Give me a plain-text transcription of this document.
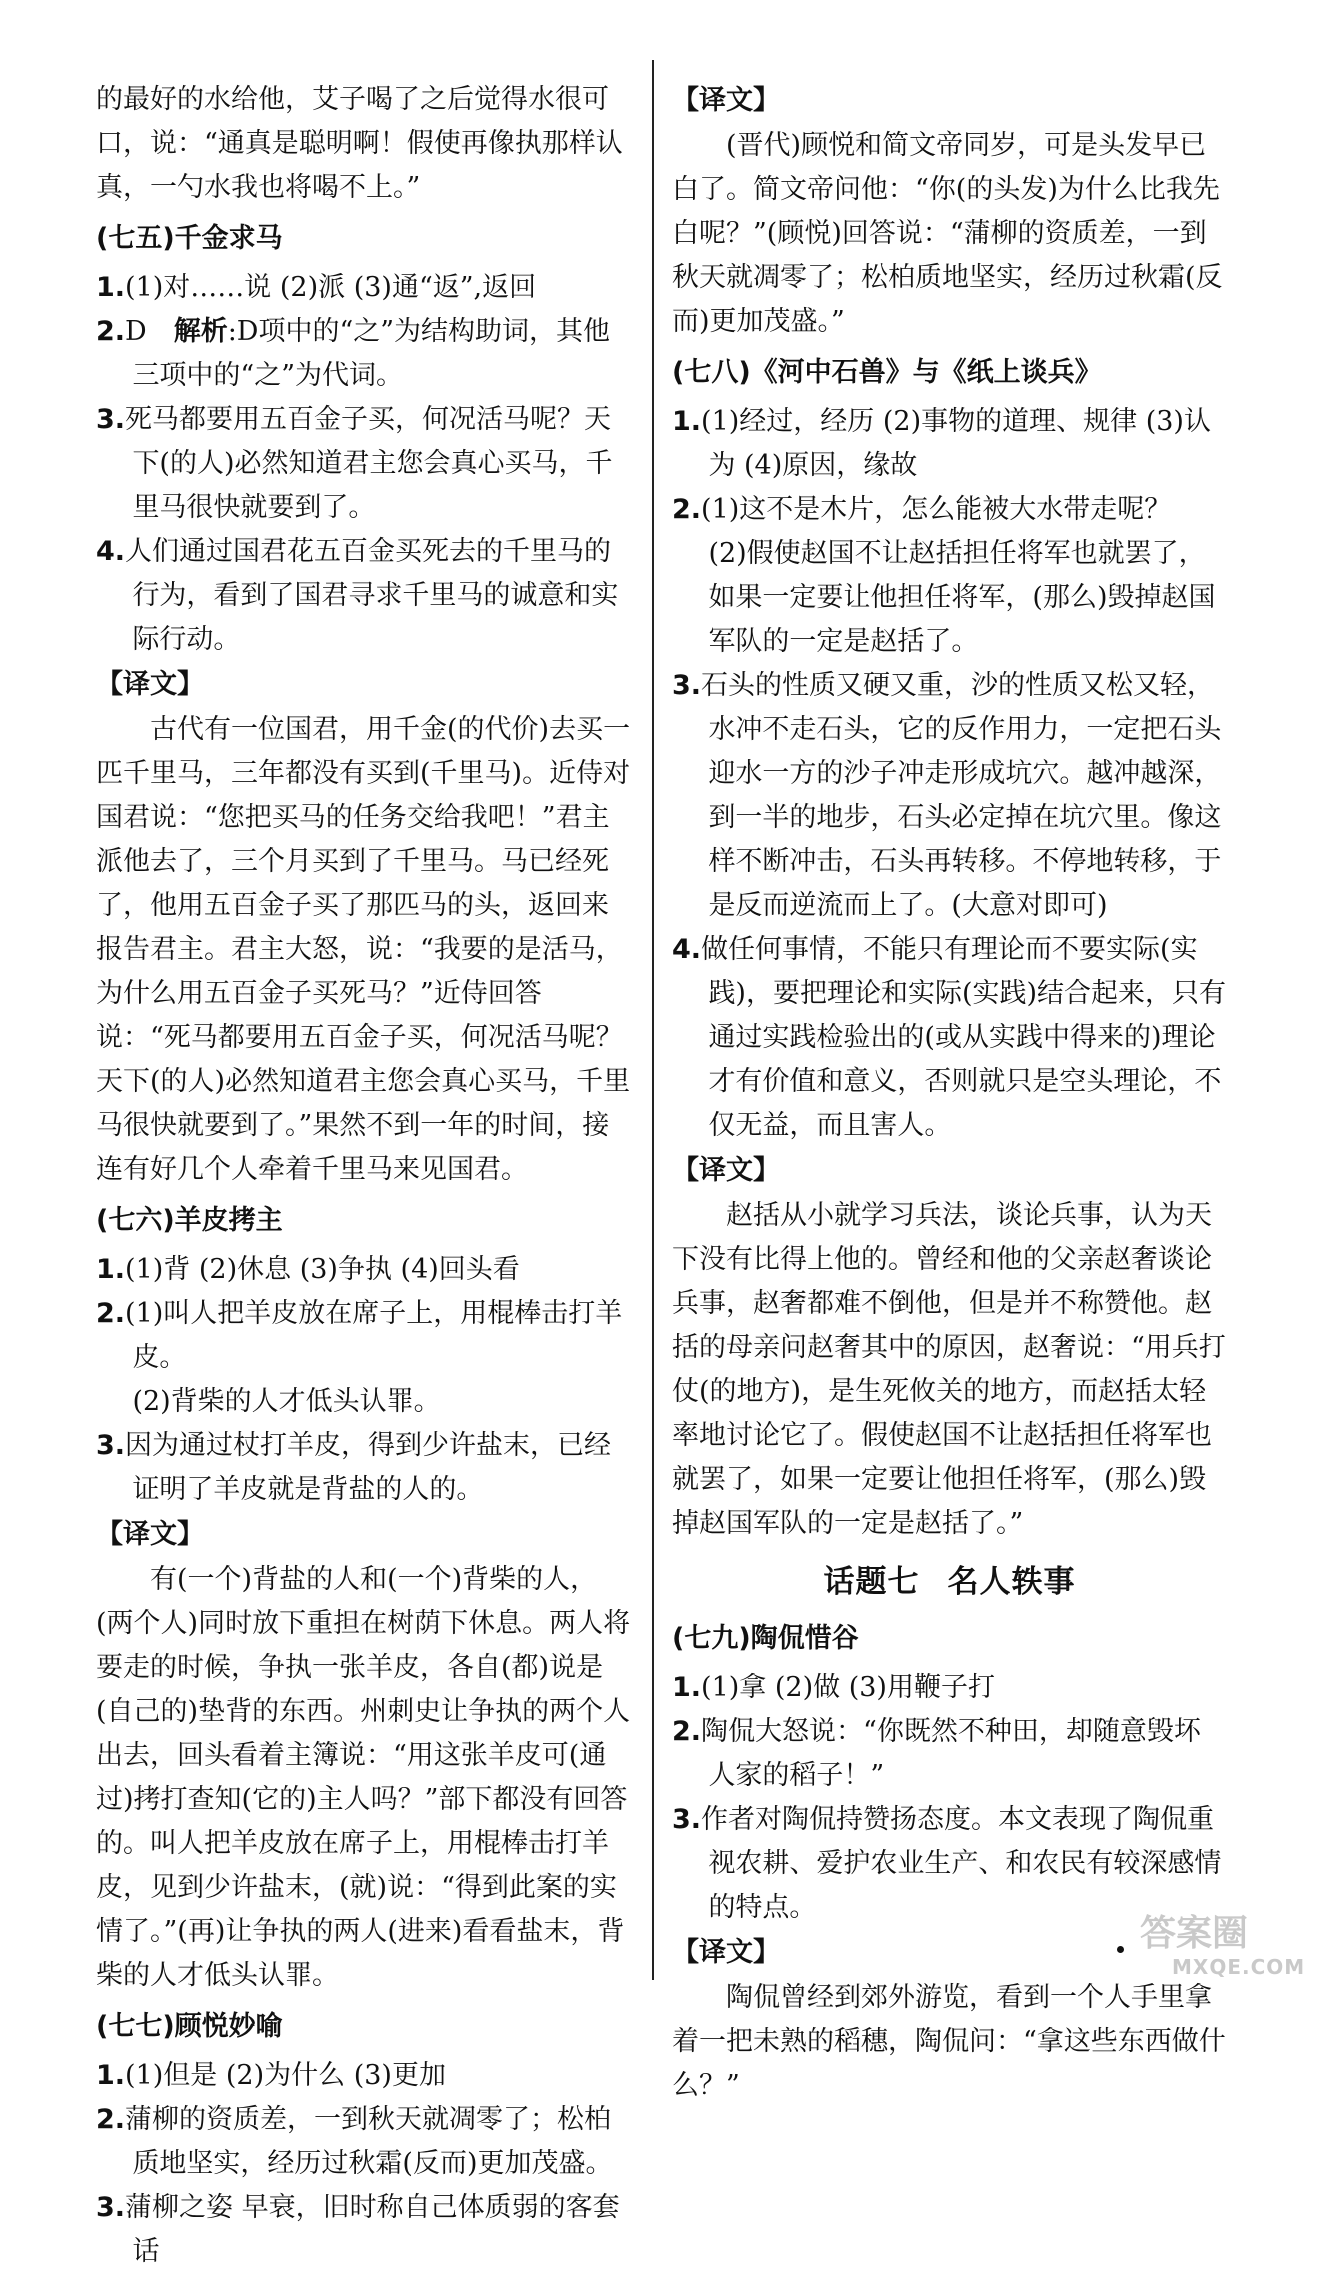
的最好的水给他，艾子喝了之后觉得水很可口，说：“通真是聪明啊！假使再像执那样认真，一勺水我也将喝不上。”

(七五)千金求马

1.(1)对……说 (2)派 (3)通“返”,返回

2.D　 解析:D项中的“之”为结构助词，其他三项中的“之”为代词。

3.死马都要用五百金子买，何况活马呢？天下(的人)必然知道君主您会真心买马，千里马很快就要到了。

4.人们通过国君花五百金买死去的千里马的行为，看到了国君寻求千里马的诚意和实际行动。

【译文】

古代有一位国君，用千金(的代价)去买一匹千里马，三年都没有买到(千里马)。近侍对国君说：“您把买马的任务交给我吧！”君主派他去了，三个月买到了千里马。马已经死了，他用五百金子买了那匹马的头，返回来报告君主。君主大怒，说：“我要的是活马，为什么用五百金子买死马？”近侍回答说：“死马都要用五百金子买，何况活马呢？天下(的人)必然知道君主您会真心买马，千里马很快就要到了。”果然不到一年的时间，接连有好几个人牵着千里马来见国君。

(七六)羊皮拷主

1.(1)背 (2)休息 (3)争执 (4)回头看

2.(1)叫人把羊皮放在席子上，用棍棒击打羊皮。

(2)背柴的人才低头认罪。

3.因为通过杖打羊皮，得到少许盐末，已经证明了羊皮就是背盐的人的。

【译文】

有(一个)背盐的人和(一个)背柴的人，(两个人)同时放下重担在树荫下休息。两人将要走的时候，争执一张羊皮，各自(都)说是(自己的)垫背的东西。州刺史让争执的两个人出去，回头看着主簿说：“用这张羊皮可(通过)拷打查知(它的)主人吗？”部下都没有回答的。叫人把羊皮放在席子上，用棍棒击打羊皮，见到少许盐末，(就)说：“得到此案的实情了。”(再)让争执的两人(进来)看看盐末，背柴的人才低头认罪。

(七七)顾悦妙喻

1.(1)但是 (2)为什么 (3)更加

2.蒲柳的资质差，一到秋天就凋零了；松柏质地坚实，经历过秋霜(反而)更加茂盛。

3.蒲柳之姿 早衰，旧时称自己体质弱的客套话

【译文】

(晋代)顾悦和简文帝同岁，可是头发早已白了。简文帝问他：“你(的头发)为什么比我先白呢？”(顾悦)回答说：“蒲柳的资质差，一到秋天就凋零了；松柏质地坚实，经历过秋霜(反而)更加茂盛。”

(七八)《河中石兽》与《纸上谈兵》

1.(1)经过，经历 (2)事物的道理、规律 (3)认为 (4)原因，缘故

2.(1)这不是木片，怎么能被大水带走呢？

(2)假使赵国不让赵括担任将军也就罢了，如果一定要让他担任将军，(那么)毁掉赵国军队的一定是赵括了。

3.石头的性质又硬又重，沙的性质又松又轻，水冲不走石头，它的反作用力，一定把石头迎水一方的沙子冲走形成坑穴。越冲越深，到一半的地步，石头必定掉在坑穴里。像这样不断冲击，石头再转移。不停地转移，于是反而逆流而上了。(大意对即可)

4.做任何事情，不能只有理论而不要实际(实践)，要把理论和实际(实践)结合起来，只有通过实践检验出的(或从实践中得来的)理论才有价值和意义，否则就只是空头理论，不仅无益，而且害人。

【译文】

赵括从小就学习兵法，谈论兵事，认为天下没有比得上他的。曾经和他的父亲赵奢谈论兵事，赵奢都难不倒他，但是并不称赞他。赵括的母亲问赵奢其中的原因，赵奢说：“用兵打仗(的地方)，是生死攸关的地方，而赵括太轻率地讨论它了。假使赵国不让赵括担任将军也就罢了，如果一定要让他担任将军，(那么)毁掉赵国军队的一定是赵括了。”

话题七 名人轶事
(七九)陶侃惜谷

1.(1)拿 (2)做 (3)用鞭子打

2.陶侃大怒说：“你既然不种田，却随意毁坏人家的稻子！”

3.作者对陶侃持赞扬态度。本文表现了陶侃重视农耕、爱护农业生产、和农民有较深感情的特点。

【译文】

陶侃曾经到郊外游览，看到一个人手里拿着一把未熟的稻穗，陶侃问：“拿这些东西做什么？”

答案圈
MXQE.COM
